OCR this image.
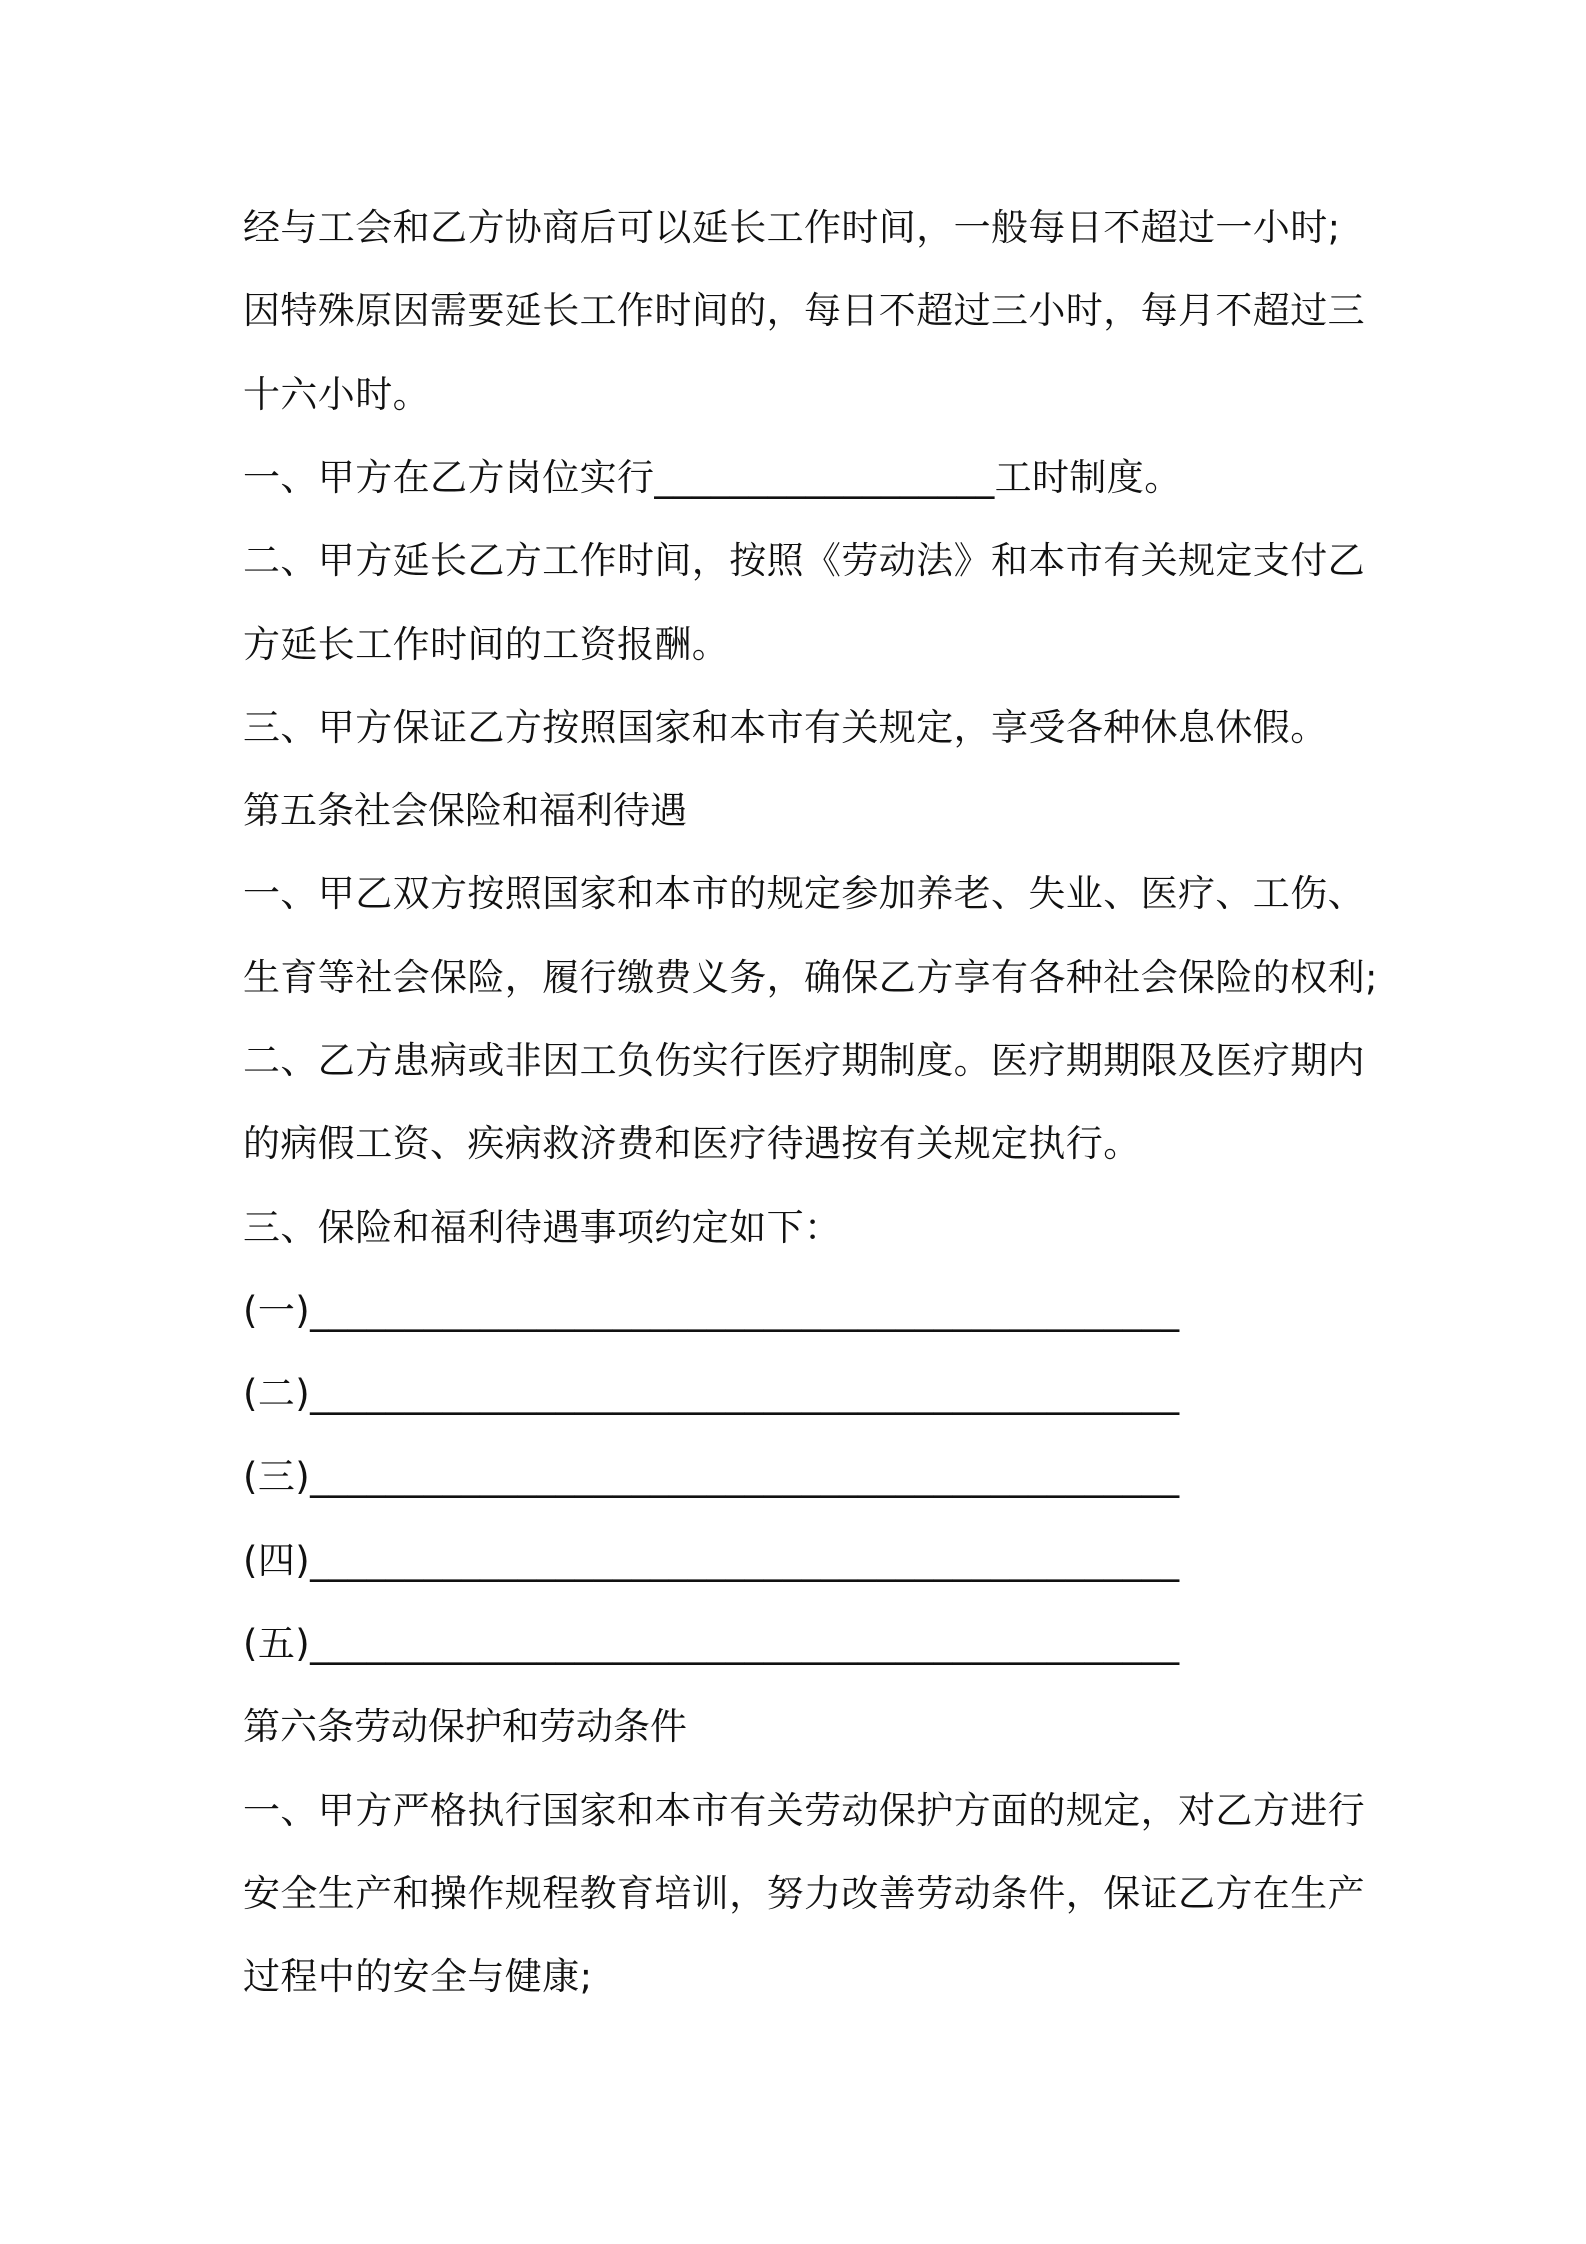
经与工会和乙方协商后可以延长工作时间，一般每日不超过一小时;
因特殊原因需要延长工作时间的，每日不超过三小时，每月不超过三
十六小时。
一、甲方在乙方岗位实行__________________工时制度。
二、甲方延长乙方工作时间，按照《劳动法》和本市有关规定支付乙
方延长工作时间的工资报酬。
三、甲方保证乙方按照国家和本市有关规定，享受各种休息休假。
第五条社会保险和福利待遇
一、甲乙双方按照国家和本市的规定参加养老、失业、医疗、工伤、
生育等社会保险，履行缴费义务，确保乙方享有各种社会保险的权利;
二、乙方患病或非因工负伤实行医疗期制度。医疗期期限及医疗期内
的病假工资、疾病救济费和医疗待遇按有关规定执行。
三、保险和福利待遇事项约定如下：
(一)______________________________________________
(二)______________________________________________
(三)______________________________________________
(四)______________________________________________
(五)______________________________________________
第六条劳动保护和劳动条件
一、甲方严格执行国家和本市有关劳动保护方面的规定，对乙方进行
安全生产和操作规程教育培训，努力改善劳动条件，保证乙方在生产
过程中的安全与健康;
